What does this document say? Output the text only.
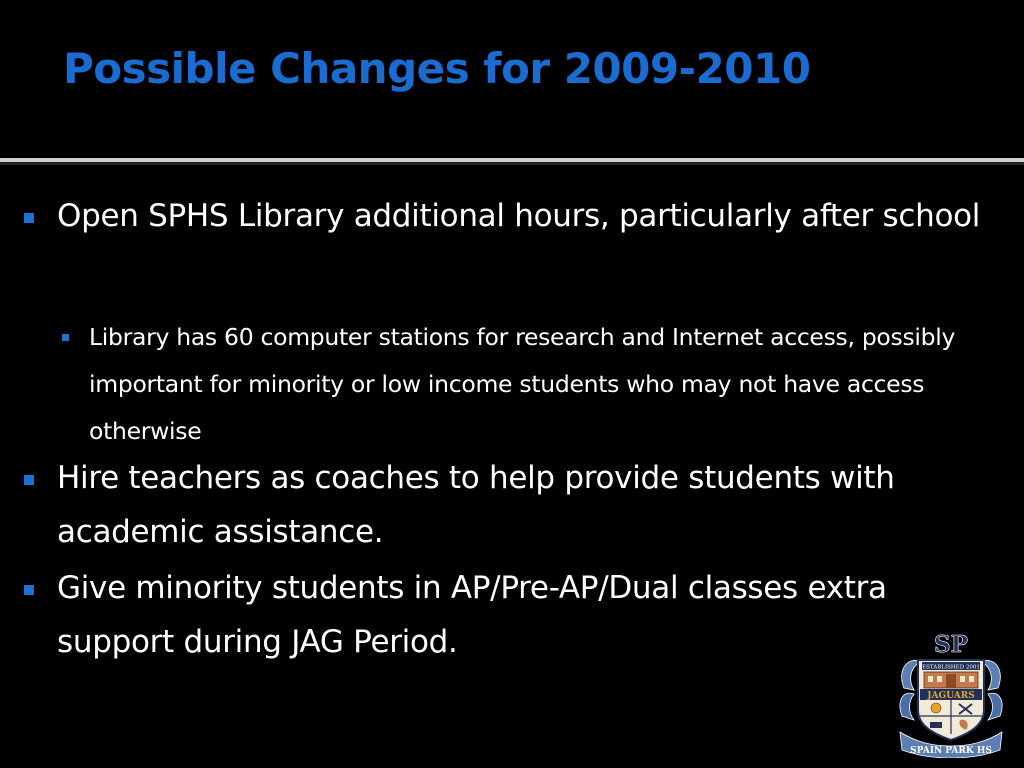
Possible Changes for 2009-2010
Open SPHS Library additional hours, particularly after school
Library has 60 computer stations for research and Internet access, possibly important for minority or low income students who may not have access otherwise
Hire teachers as coaches to help provide students with academic assistance.
Give minority students in AP/Pre-AP/Dual classes extra support during JAG Period.	SP
ESTABLISHED 2001
JAGUARS
SPAIN PARK HS
